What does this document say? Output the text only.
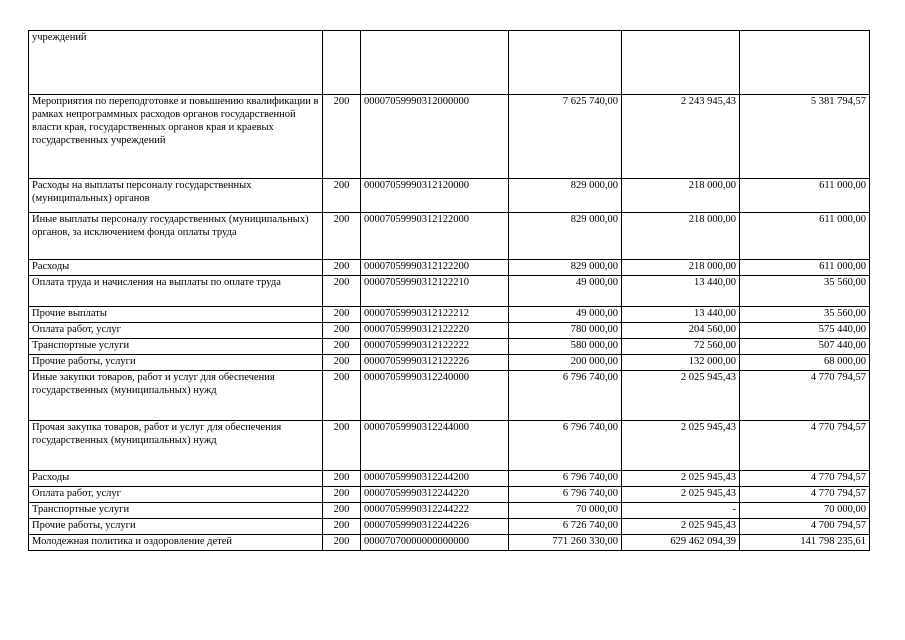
учреждений					
Мероприятия по переподготовке и повышению квалификации в рамках непрограммных расходов органов государственной власти края, государственных органов края и краевых государственных учреждений	200	00007059990312000000	7 625 740,00	2 243 945,43	5 381 794,57
Расходы на выплаты персоналу государственных (муниципальных) органов	200	00007059990312120000	829 000,00	218 000,00	611 000,00
Иные выплаты персоналу государственных (муниципальных) органов, за исключением фонда оплаты труда	200	00007059990312122000	829 000,00	218 000,00	611 000,00
Расходы	200	00007059990312122200	829 000,00	218 000,00	611 000,00
Оплата труда и начисления на выплаты по оплате труда	200	00007059990312122210	49 000,00	13 440,00	35 560,00
Прочие выплаты	200	00007059990312122212	49 000,00	13 440,00	35 560,00
Оплата работ, услуг	200	00007059990312122220	780 000,00	204 560,00	575 440,00
Транспортные услуги	200	00007059990312122222	580 000,00	72 560,00	507 440,00
Прочие работы, услуги	200	00007059990312122226	200 000,00	132 000,00	68 000,00
Иные закупки товаров, работ и услуг для обеспечения государственных (муниципальных) нужд	200	00007059990312240000	6 796 740,00	2 025 945,43	4 770 794,57
Прочая закупка товаров, работ и услуг для обеспечения государственных (муниципальных) нужд	200	00007059990312244000	6 796 740,00	2 025 945,43	4 770 794,57
Расходы	200	00007059990312244200	6 796 740,00	2 025 945,43	4 770 794,57
Оплата работ, услуг	200	00007059990312244220	6 796 740,00	2 025 945,43	4 770 794,57
Транспортные услуги	200	00007059990312244222	70 000,00	-	70 000,00
Прочие работы, услуги	200	00007059990312244226	6 726 740,00	2 025 945,43	4 700 794,57
Молодежная политика и оздоровление детей	200	00007070000000000000	771 260 330,00	629 462 094,39	141 798 235,61
